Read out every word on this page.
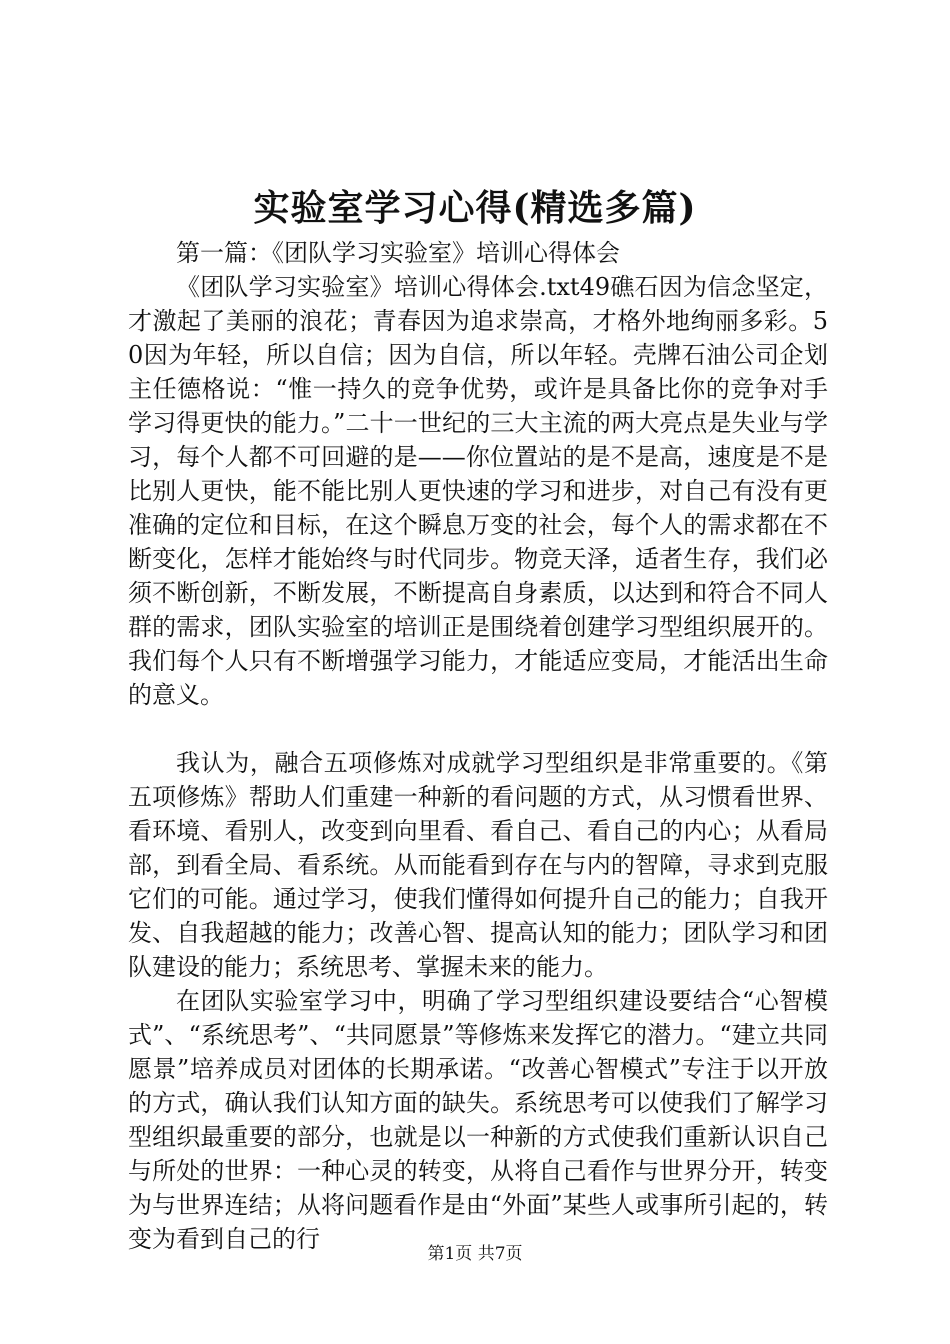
实验室学习心得(精选多篇)

第一篇：《团队学习实验室》培训心得体会

《团队学习实验室》培训心得体会.txt49礁石因为信念坚定，才激起了美丽的浪花；青春因为追求崇高，才格外地绚丽多彩。50因为年轻，所以自信；因为自信，所以年轻。壳牌石油公司企划主任德格说：“惟一持久的竞争优势，或许是具备比你的竞争对手学习得更快的能力。”二十一世纪的三大主流的两大亮点是失业与学习，每个人都不可回避的是——你位置站的是不是高，速度是不是比别人更快，能不能比别人更快速的学习和进步，对自己有没有更准确的定位和目标，在这个瞬息万变的社会，每个人的需求都在不断变化，怎样才能始终与时代同步。物竞天泽，适者生存，我们必须不断创新，不断发展，不断提高自身素质，以达到和符合不同人群的需求，团队实验室的培训正是围绕着创建学习型组织展开的。我们每个人只有不断增强学习能力，才能适应变局，才能活出生命的意义。

我认为，融合五项修炼对成就学习型组织是非常重要的。《第五项修炼》帮助人们重建一种新的看问题的方式，从习惯看世界、看环境、看别人，改变到向里看、看自己、看自己的内心；从看局部，到看全局、看系统。从而能看到存在与内的智障，寻求到克服它们的可能。通过学习，使我们懂得如何提升自己的能力；自我开发、自我超越的能力；改善心智、提高认知的能力；团队学习和团队建设的能力；系统思考、掌握未来的能力。

在团队实验室学习中，明确了学习型组织建设要结合“心智模式”、“系统思考”、“共同愿景”等修炼来发挥它的潜力。“建立共同愿景”培养成员对团体的长期承诺。“改善心智模式”专注于以开放的方式，确认我们认知方面的缺失。系统思考可以使我们了解学习型组织最重要的部分，也就是以一种新的方式使我们重新认识自己与所处的世界：一种心灵的转变，从将自己看作与世界分开，转变为与世界连结；从将问题看作是由“外面”某些人或事所引起的，转变为看到自己的行

第1页 共7页
